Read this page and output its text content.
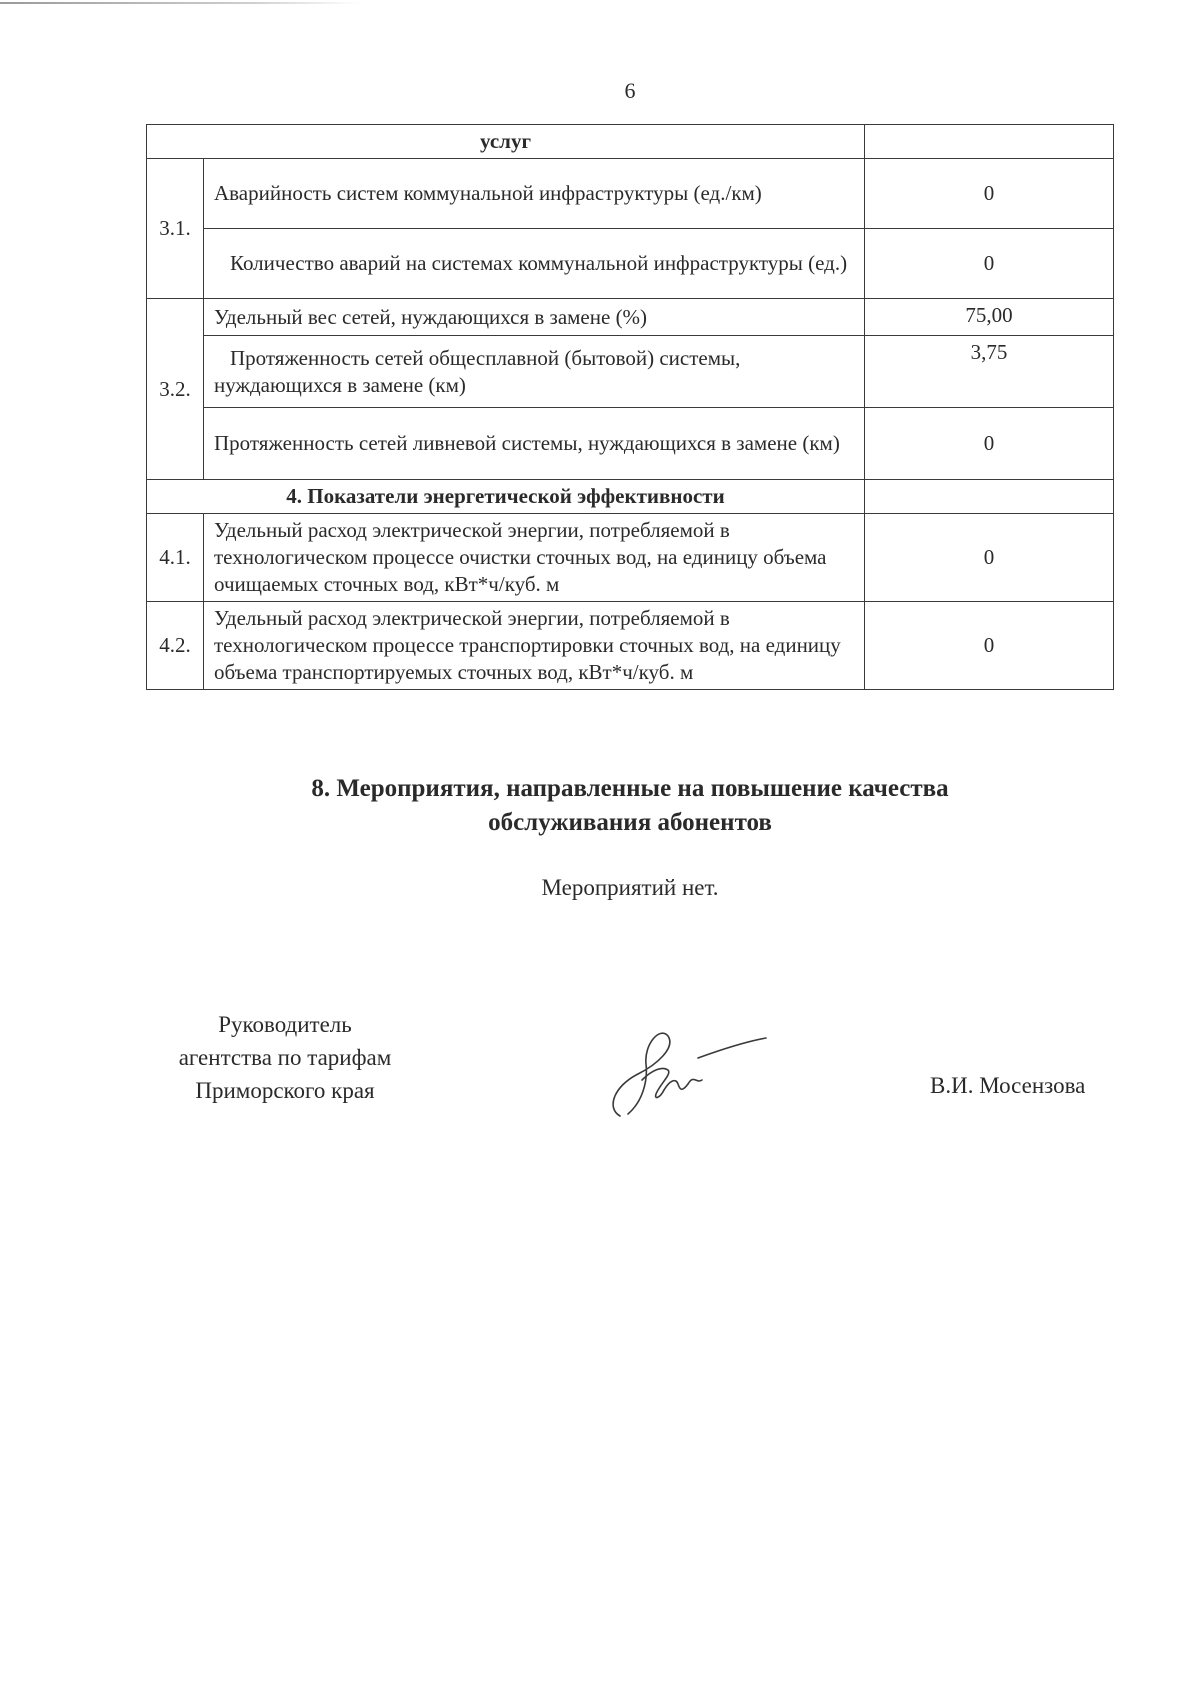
6
услуг		
3.1.	Аварийность систем коммунальной инфраструктуры (ед./км)	0
	Количество аварий на системах коммунальной инфраструктуры (ед.)	0
3.2.	Удельный вес сетей, нуждающихся в замене (%)	75,00
	Протяженность сетей общесплавной (бытовой) системы, нуждающихся в замене (км)	3,75
	Протяженность сетей ливневой системы, нуждающихся в замене (км)	0
4. Показатели энергетической эффективности		
4.1.	Удельный расход электрической энергии, потребляемой в технологическом процессе очистки сточных вод, на единицу объема очищаемых сточных вод, кВт*ч/куб. м	0
4.2.	Удельный расход электрической энергии, потребляемой в технологическом процессе транспортировки сточных вод, на единицу объема транспортируемых сточных вод, кВт*ч/куб. м	0
8. Мероприятия, направленные на повышение качества
обслуживания абонентов
Мероприятий нет.
Руководитель
агентства по тарифам
Приморского края	В.И. Мосензова
